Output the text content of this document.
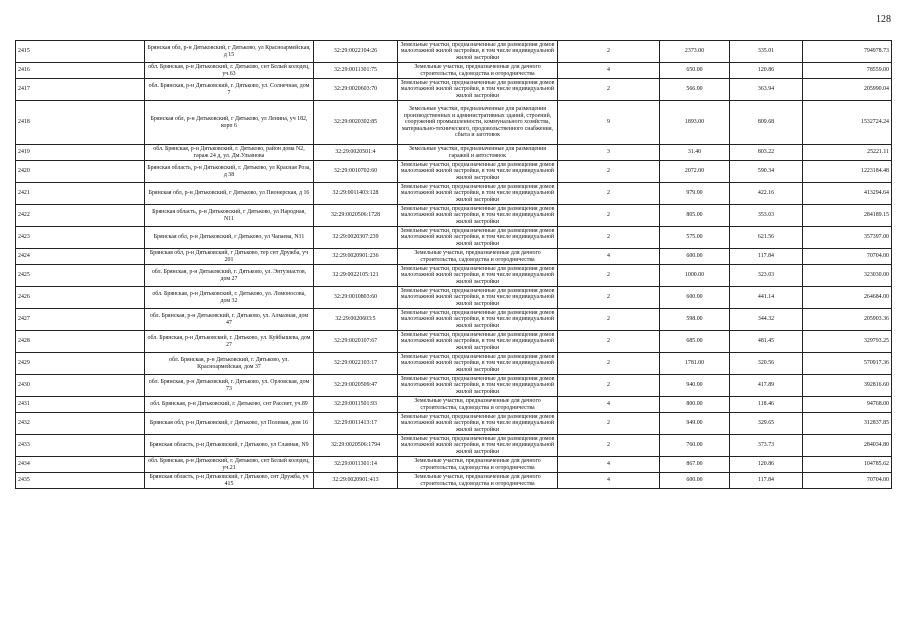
128
2415	Брянская обл, р-н Дятьковский, г Дятьково, ул Красноармейская, д 15	32:29:0022104:26	Земельные участки, предназначенные для размещения домов малоэтажной жилой застройки, в том числе индивидуальной жилой застройки	2	2373.00	335.01	794978.73
2416	обл. Брянская, р-н Дятьковский, г. Дятьково, снт Белый колодец, уч.63	32:29:0011301:75	Земельные участки, предназначенные для дачного строительства, садоводства и огородничества	4	650.00	120.86	78559.00
2417	обл. Брянская, р-н Дятьковский, г. Дятьково, ул. Солнечная, дом 7	32:29:0020603:70	Земельные участки, предназначенные для размещения домов малоэтажной жилой застройки, в том числе индивидуальной жилой застройки	2	566.00	363.94	205990.04
2418	Брянская обл, р-н Дятьковский, г Дятьково, ул Ленина, уч 182, корп 6	32:29:0020302:85	Земельные участки, предназначенные для размещения производственных и административных зданий, строений, сооружений промышленности, коммунального хозяйства, материально-технического, продовольственного снабжения, сбыта и заготовок	9	1893.00	809.68	1532724.24
2419	обл. Брянская, р-н Дятьковский, г. Дятьково, район дома N2, гараж 24 д, ул. Дм.Ульянова	32:29:0020501:4	Земельные участки, предназначенные для размещения гаражей и автостоянок	3	31.40	803.22	25221.11
2420	Брянская область, р-н Дятьковский, г. Дятьково, ул Красная Роза, д 38	32:29:0010702:60	Земельные участки, предназначенные для размещения домов малоэтажной жилой застройки, в том числе индивидуальной жилой застройки	2	2072.00	590.34	1223184.48
2421	Брянская обл, р-н Дятьковский, г Дятьково, ул Пионерская, д 16	32:29:0011403:128	Земельные участки, предназначенные для размещения домов малоэтажной жилой застройки, в том числе индивидуальной жилой застройки	2	979.00	422.16	413294.64
2422	Брянская область, р-н Дятьковский, г Дятьково, ул Народная, N11	32:29:0020506:1728	Земельные участки, предназначенные для размещения домов малоэтажной жилой застройки, в том числе индивидуальной жилой застройки	2	805.00	353.03	284189.15
2423	Брянская обл, р-н Дятьковский, г Дятьково, ул Чапаева, N11	32:29:0020307:239	Земельные участки, предназначенные для размещения домов малоэтажной жилой застройки, в том числе индивидуальной жилой застройки	2	575.00	621.56	357397.00
2424	Брянская обл, р-н Дятьковский, г Дятьково, тер снт Дружба, уч 201	32:29:0020901:236	Земельные участки, предназначенные для дачного строительства, садоводства и огородничества	4	600.00	117.84	70704.00
2425	обл. Брянская, р-н Дятьковский, г. Дятьково, ул. Энтузиастов, дом 27	32:29:0022105:121	Земельные участки, предназначенные для размещения домов малоэтажной жилой застройки, в том числе индивидуальной жилой застройки	2	1000.00	323.03	323030.00
2426	обл. Брянская, р-н Дятьковский, г. Дятьково, ул. Ломоносова, дом 32	32:29:0010803:60	Земельные участки, предназначенные для размещения домов малоэтажной жилой застройки, в том числе индивидуальной жилой застройки	2	600.00	441.14	264684.00
2427	обл. Брянская, р-н Дятьковский, г. Дятьково, ул. Алмазная, дом 47	32:29:0020603:5	Земельные участки, предназначенные для размещения домов малоэтажной жилой застройки, в том числе индивидуальной жилой застройки	2	598.00	344.32	205903.36
2428	обл. Брянская, р-н Дятьковский, г. Дятьково, ул. Куйбышева, дом 27	32:29:0020107:67	Земельные участки, предназначенные для размещения домов малоэтажной жилой застройки, в том числе индивидуальной жилой застройки	2	685.00	481.45	329793.25
2429	обл. Брянская, р-н Дятьковский, г. Дятьково, ул. Красноармейская, дом 37	32:29:0022103:17	Земельные участки, предназначенные для размещения домов малоэтажной жилой застройки, в том числе индивидуальной жилой застройки	2	1781.00	320.56	570917.36
2430	обл. Брянская, р-н Дятьковский, г. Дятьково, ул. Орловская, дом 73	32:29:0020509:47	Земельные участки, предназначенные для размещения домов малоэтажной жилой застройки, в том числе индивидуальной жилой застройки	2	940.00	417.89	392816.60
2431	обл. Брянская, р-н Дятьковский, г. Дятьково, снт Рассвет, уч.89	32:29:0011501:93	Земельные участки, предназначенные для дачного строительства, садоводства и огородничества	4	800.00	118.46	94768.00
2432	Брянская обл, р-н Дятьковский, г Дятьково, ул Полевая, дом 16	32:29:0011413:17	Земельные участки, предназначенные для размещения домов малоэтажной жилой застройки, в том числе индивидуальной жилой застройки	2	949.00	329.65	312837.85
2433	Брянская область, р-н Дятьковский, г Дятьково, ул Славная, N9	32:29:0020506:1794	Земельные участки, предназначенные для размещения домов малоэтажной жилой застройки, в том числе индивидуальной жилой застройки	2	760.00	373.73	284034.80
2434	обл. Брянская, р-н Дятьковский, г. Дятьково, снт Белый колодец, уч.21	32:29:0011301:14	Земельные участки, предназначенные для дачного строительства, садоводства и огородничества	4	867.00	120.86	104785.62
2435	Брянская область, р-н Дятьковский, г Дятьково, снт Дружба, уч 415	32:29:0020901:413	Земельные участки, предназначенные для дачного строительства, садоводства и огородничества	4	600.00	117.84	70704.00
